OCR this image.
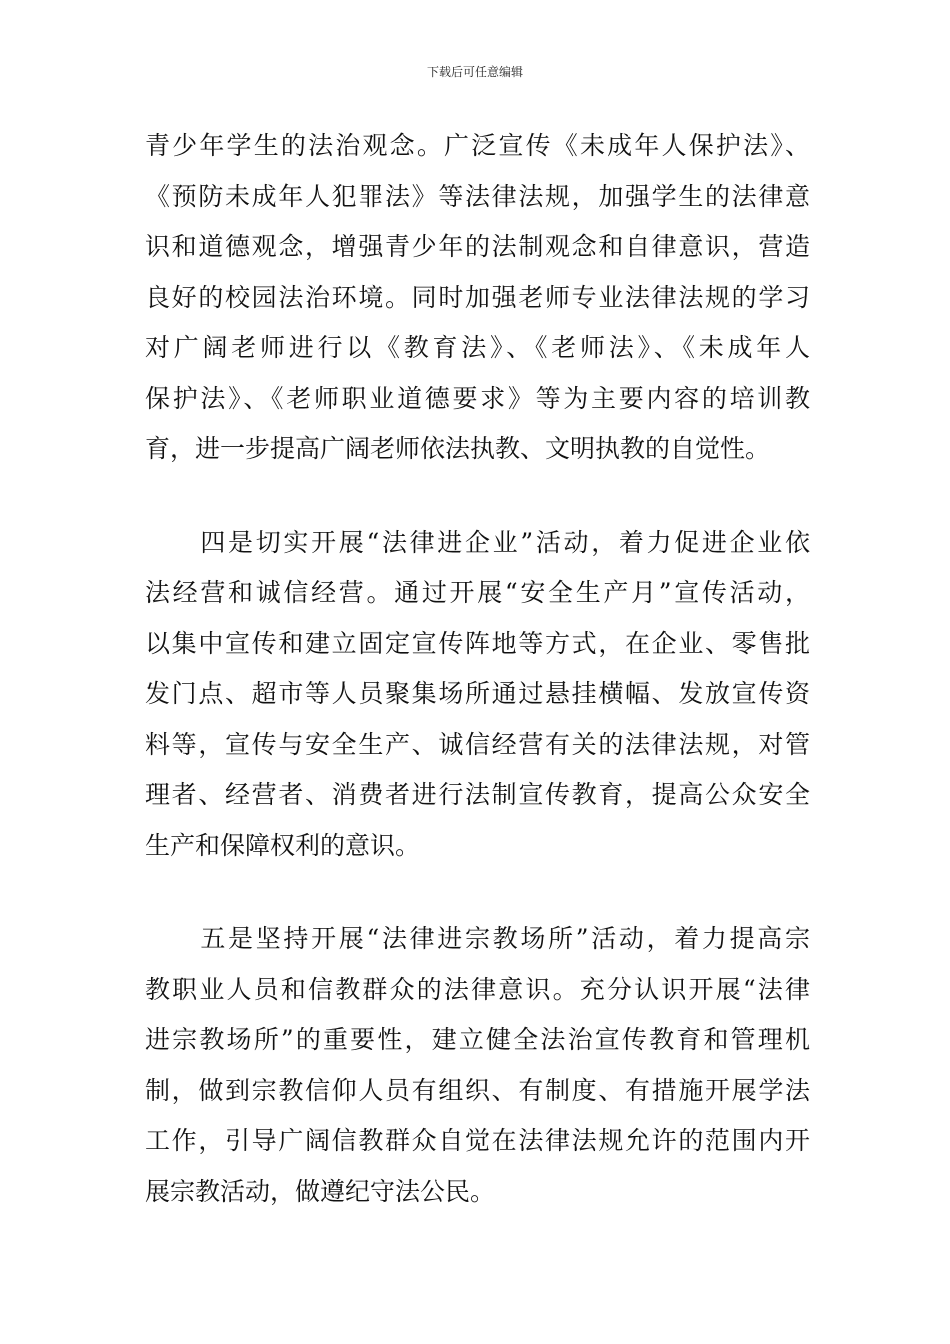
下载后可任意编辑
青少年学生的法治观念。广泛宣传《未成年人保护法》、
《预防未成年人犯罪法》等法律法规，加强学生的法律意
识和道德观念，增强青少年的法制观念和自律意识，营造
良好的校园法治环境。同时加强老师专业法律法规的学习
对广阔老师进行以《教育法》、《老师法》、《未成年人
保护法》、《老师职业道德要求》等为主要内容的培训教
育，进一步提高广阔老师依法执教、文明执教的自觉性。
　　四是切实开展“法律进企业”活动，着力促进企业依
法经营和诚信经营。通过开展“安全生产月”宣传活动，
以集中宣传和建立固定宣传阵地等方式，在企业、零售批
发门点、超市等人员聚集场所通过悬挂横幅、发放宣传资
料等，宣传与安全生产、诚信经营有关的法律法规，对管
理者、经营者、消费者进行法制宣传教育，提高公众安全
生产和保障权利的意识。
　　五是坚持开展“法律进宗教场所”活动，着力提高宗
教职业人员和信教群众的法律意识。充分认识开展“法律
进宗教场所”的重要性，建立健全法治宣传教育和管理机
制，做到宗教信仰人员有组织、有制度、有措施开展学法
工作，引导广阔信教群众自觉在法律法规允许的范围内开
展宗教活动，做遵纪守法公民。
